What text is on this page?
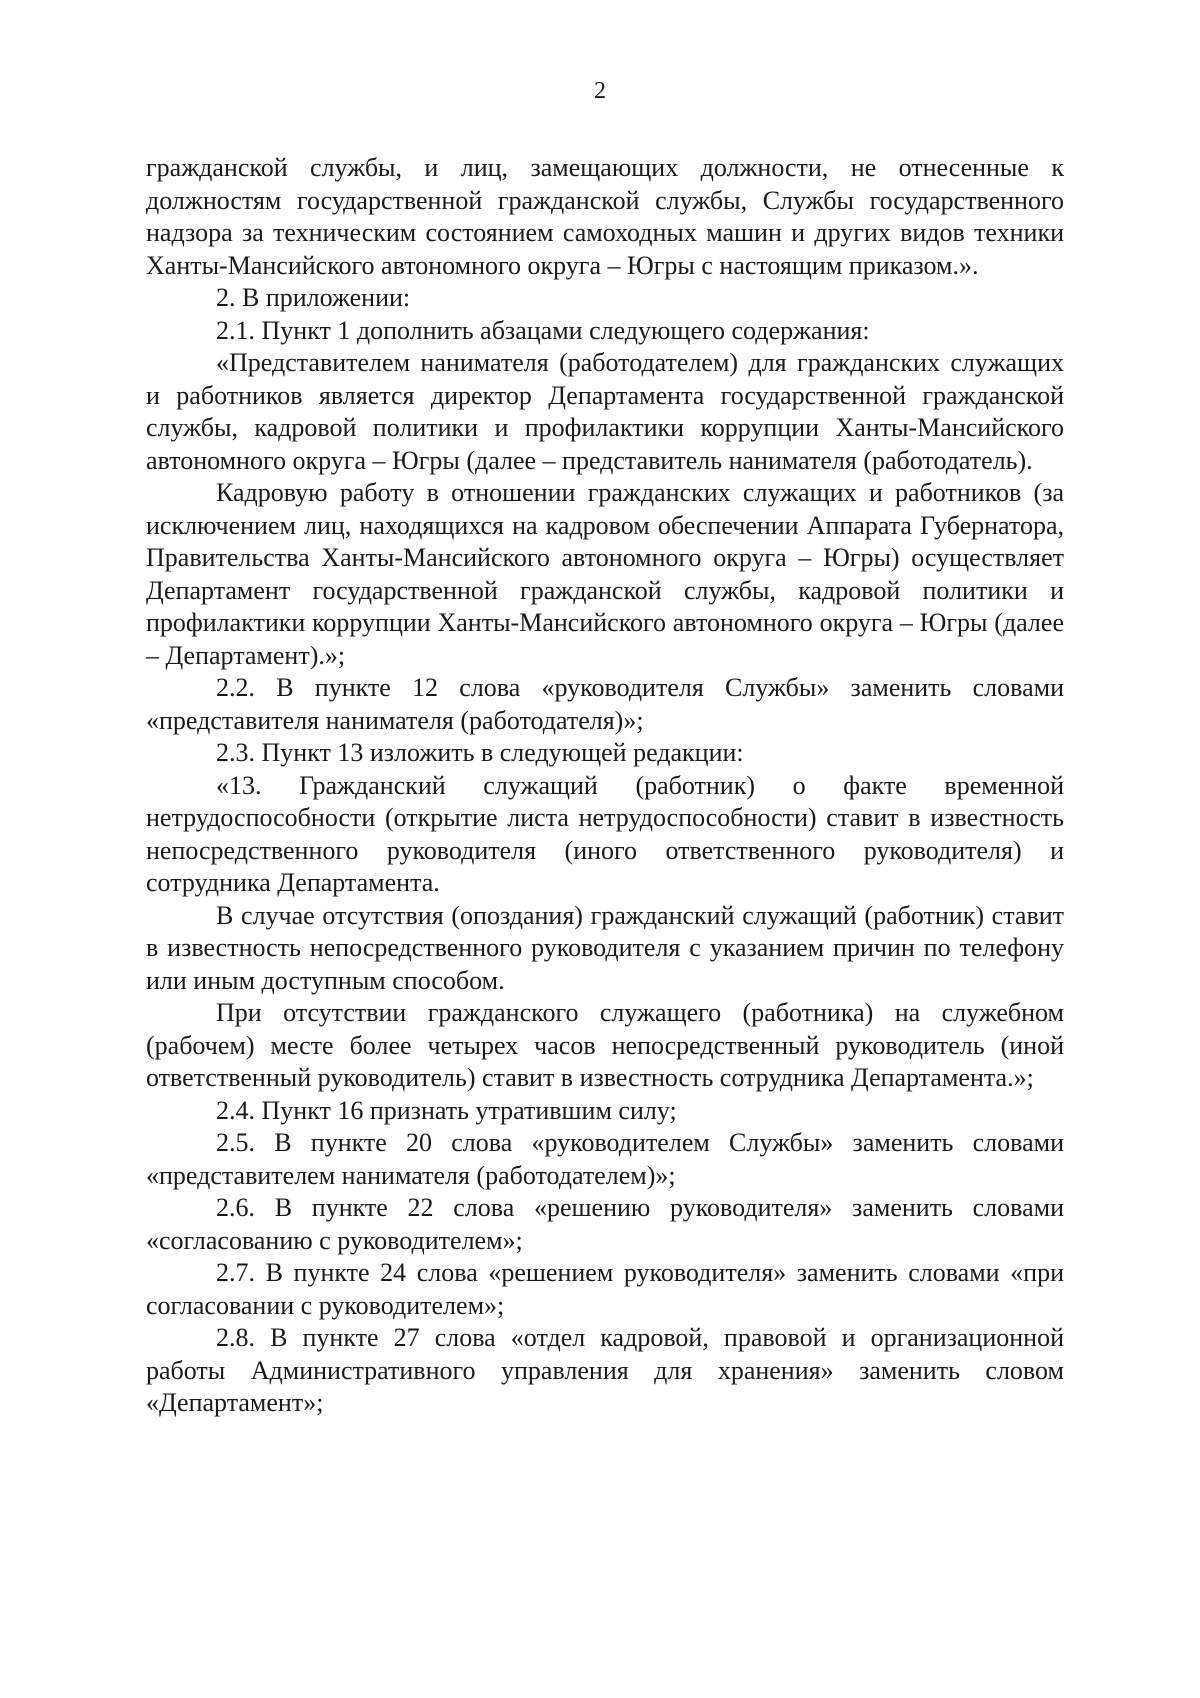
2

гражданской службы, и лиц, замещающих должности, не отнесенные к должностям государственной гражданской службы, Службы государственного надзора за техническим состоянием самоходных машин и других видов техники Ханты-Мансийского автономного округа – Югры с настоящим приказом.».

2. В приложении:

2.1. Пункт 1 дополнить абзацами следующего содержания:

«Представителем нанимателя (работодателем) для гражданских служащих и работников является директор Департамента государственной гражданской службы, кадровой политики и профилактики коррупции Ханты-Мансийского автономного округа – Югры (далее – представитель нанимателя (работодатель).

Кадровую работу в отношении гражданских служащих и работников (за исключением лиц, находящихся на кадровом обеспечении Аппарата Губернатора, Правительства Ханты-Мансийского автономного округа – Югры) осуществляет Департамент государственной гражданской службы, кадровой политики и профилактики коррупции Ханты-Мансийского автономного округа – Югры (далее – Департамент).»;

2.2. В пункте 12 слова «руководителя Службы» заменить словами «представителя нанимателя (работодателя)»;

2.3. Пункт 13 изложить в следующей редакции:

«13. Гражданский служащий (работник) о факте временной нетрудоспособности (открытие листа нетрудоспособности) ставит в известность непосредственного руководителя (иного ответственного руководителя) и сотрудника Департамента.

В случае отсутствия (опоздания) гражданский служащий (работник) ставит в известность непосредственного руководителя с указанием причин по телефону или иным доступным способом.

При отсутствии гражданского служащего (работника) на служебном (рабочем) месте более четырех часов непосредственный руководитель (иной ответственный руководитель) ставит в известность сотрудника Департамента.»;

2.4. Пункт 16 признать утратившим силу;

2.5. В пункте 20 слова «руководителем Службы» заменить словами «представителем нанимателя (работодателем)»;

2.6. В пункте 22 слова «решению руководителя» заменить словами «согласованию с руководителем»;

2.7. В пункте 24 слова «решением руководителя» заменить словами «при согласовании с руководителем»;

2.8. В пункте 27 слова «отдел кадровой, правовой и организационной работы Административного управления для хранения» заменить словом «Департамент»;
